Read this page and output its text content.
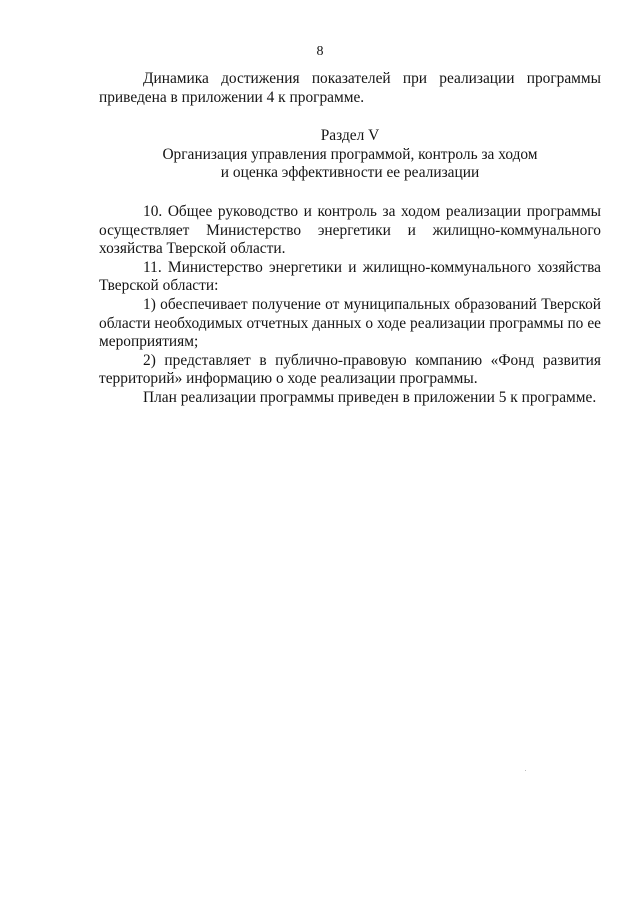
8

Динамика достижения показателей при реализации программы приведена в приложении 4 к программе.

Раздел V

Организация управления программой, контроль за ходом

и оценка эффективности ее реализации

10. Общее руководство и контроль за ходом реализации программы осуществляет Министерство энергетики и жилищно-коммунального хозяйства Тверской области.

11. Министерство энергетики и жилищно-коммунального хозяйства Тверской области:

1) обеспечивает получение от муниципальных образований Тверской области необходимых отчетных данных о ходе реализации программы по ее мероприятиям;

2) представляет в публично-правовую компанию «Фонд развития территорий» информацию о ходе реализации программы.

План реализации программы приведен в приложении 5 к программе.
